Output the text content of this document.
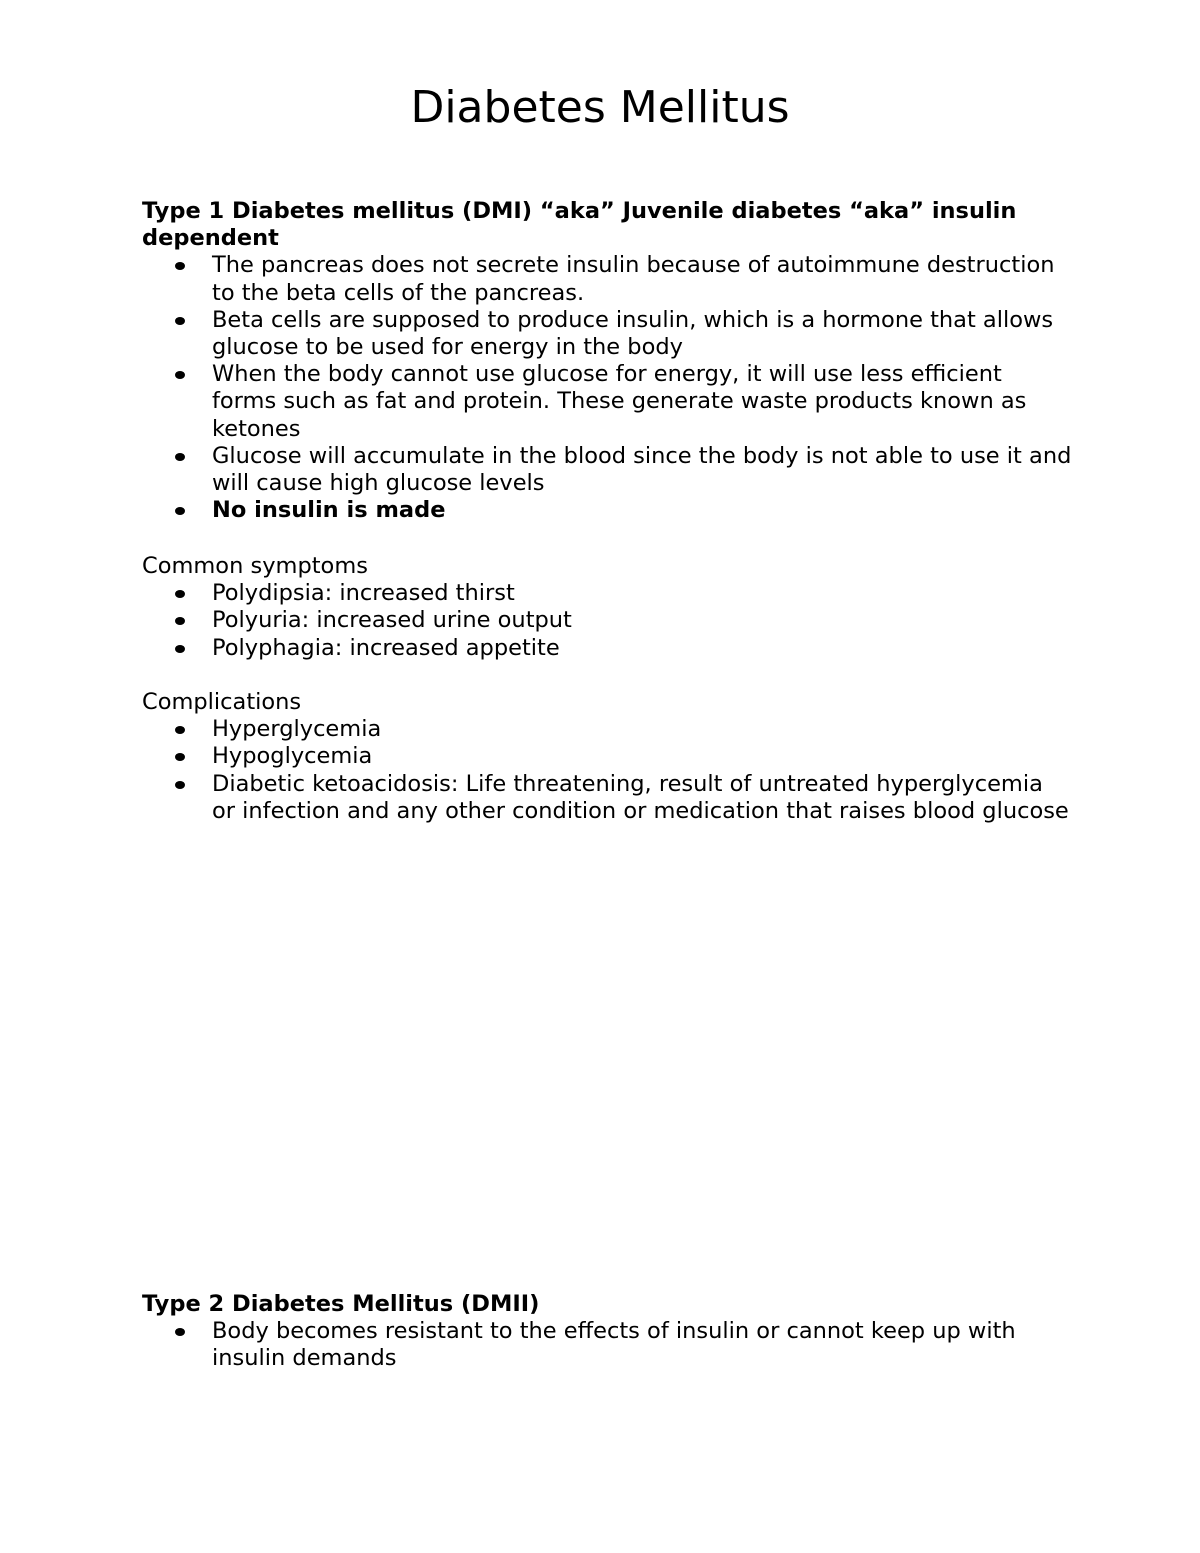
Diabetes Mellitus

Type 1 Diabetes mellitus (DMI) “aka” Juvenile diabetes “aka” insulin dependent

The pancreas does not secrete insulin because of autoimmune destruction to the beta cells of the pancreas.
Beta cells are supposed to produce insulin, which is a hormone that allows glucose to be used for energy in the body
When the body cannot use glucose for energy, it will use less efficient forms such as fat and protein. These generate waste products known as ketones
Glucose will accumulate in the blood since the body is not able to use it and will cause high glucose levels
No insulin is made

Common symptoms

Polydipsia: increased thirst
Polyuria: increased urine output
Polyphagia: increased appetite

Complications

Hyperglycemia
Hypoglycemia
Diabetic ketoacidosis: Life threatening, result of untreated hyperglycemia or infection and any other condition or medication that raises blood glucose

Type 2 Diabetes Mellitus (DMII)

Body becomes resistant to the effects of insulin or cannot keep up with insulin demands
